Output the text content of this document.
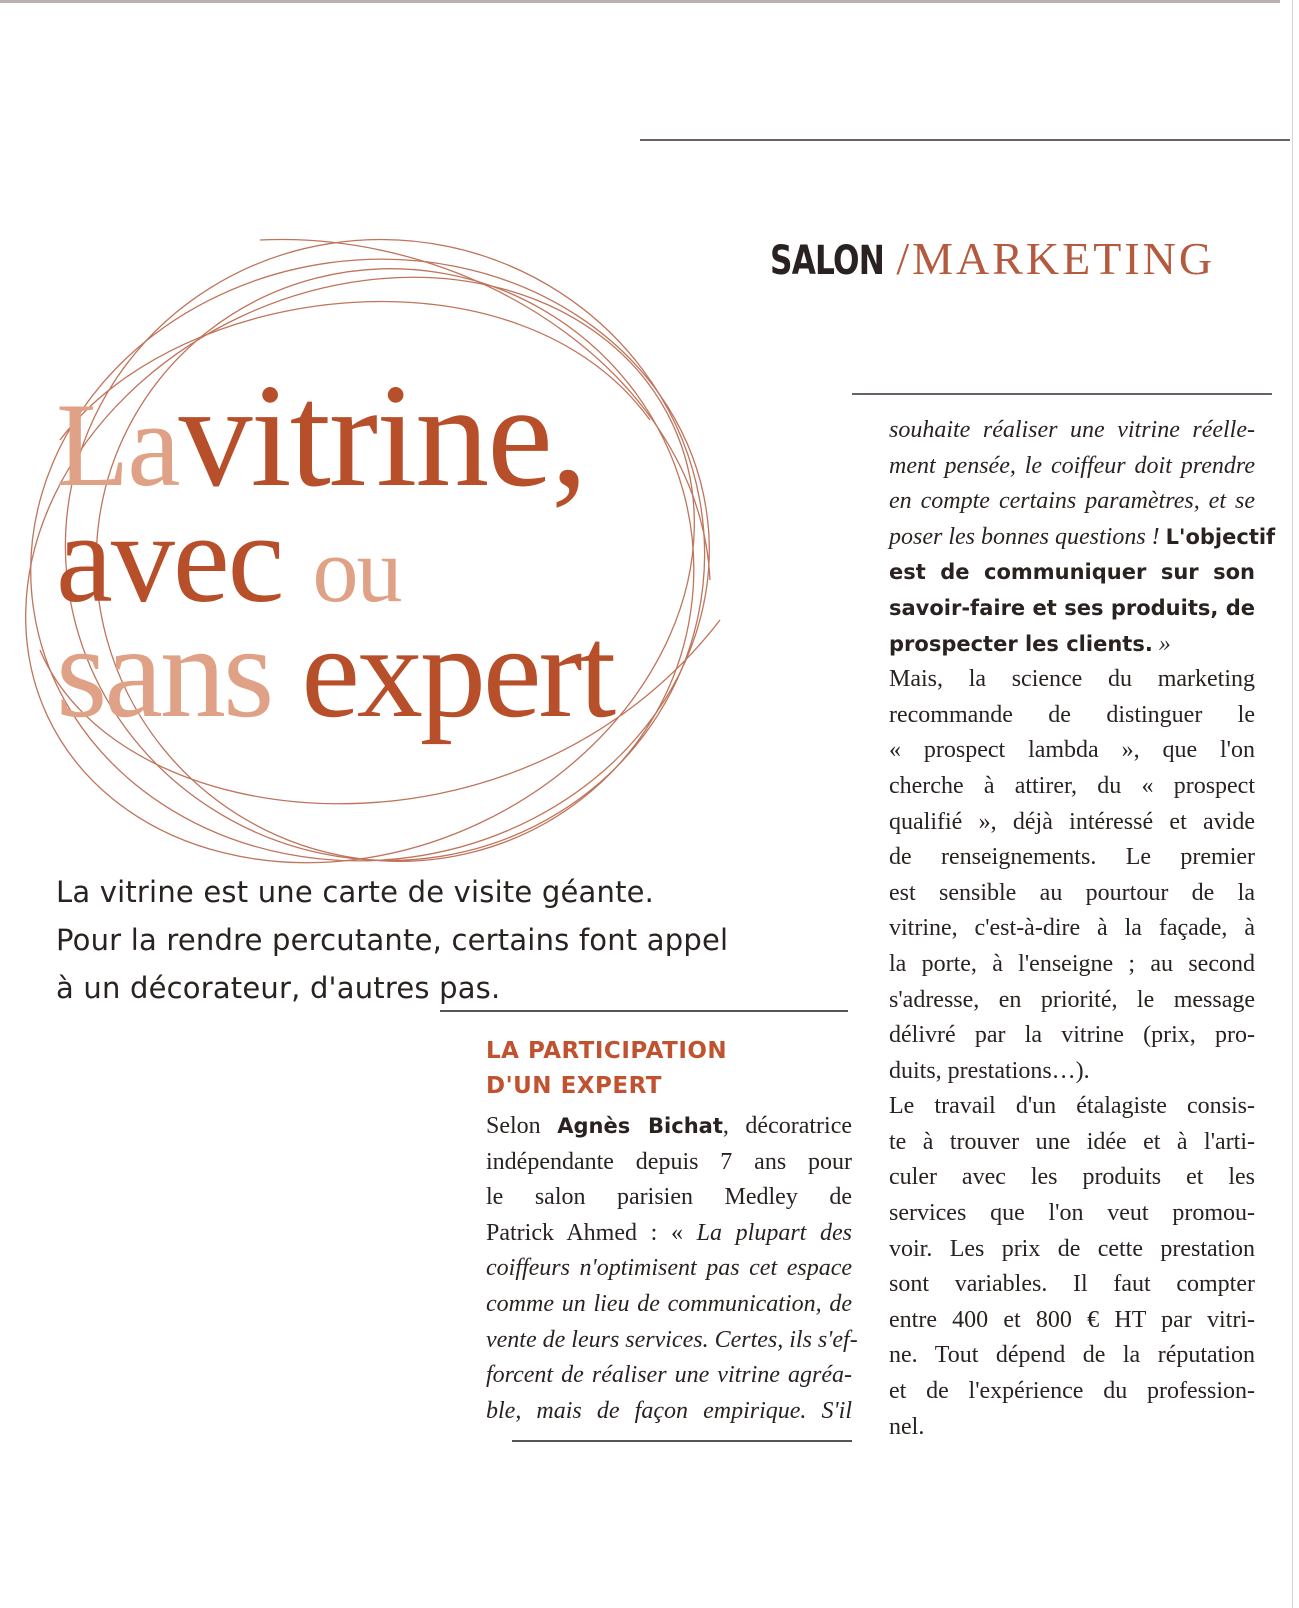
SALON /MARKETING
Lavitrine,
avec ou
sans expert
La vitrine est une carte de visite géante.
Pour la rendre percutante, certains font appel
à un décorateur, d'autres pas.
LA PARTICIPATION
D'UN EXPERT
Selon Agnès Bichat, décoratrice
indépendante depuis 7 ans pour
le salon parisien Medley de
Patrick Ahmed : « La plupart des
coiffeurs n'optimisent pas cet espace
comme un lieu de communication, de
vente de leurs services. Certes, ils s'ef-
forcent de réaliser une vitrine agréa-
ble, mais de façon empirique. S'il
souhaite réaliser une vitrine réelle-
ment pensée, le coiffeur doit prendre
en compte certains paramètres, et se
poser les bonnes questions ! L'objectif
est de communiquer sur son
savoir-faire et ses produits, de
prospecter les clients. »
Mais, la science du marketing
recommande de distinguer le
« prospect lambda », que l'on
cherche à attirer, du « prospect
qualifié », déjà intéressé et avide
de renseignements. Le premier
est sensible au pourtour de la
vitrine, c'est-à-dire à la façade, à
la porte, à l'enseigne ; au second
s'adresse, en priorité, le message
délivré par la vitrine (prix, pro-
duits, prestations…).
Le travail d'un étalagiste consis-
te à trouver une idée et à l'arti-
culer avec les produits et les
services que l'on veut promou-
voir. Les prix de cette prestation
sont variables. Il faut compter
entre 400 et 800 € HT par vitri-
ne. Tout dépend de la réputation
et de l'expérience du profession-
nel.
